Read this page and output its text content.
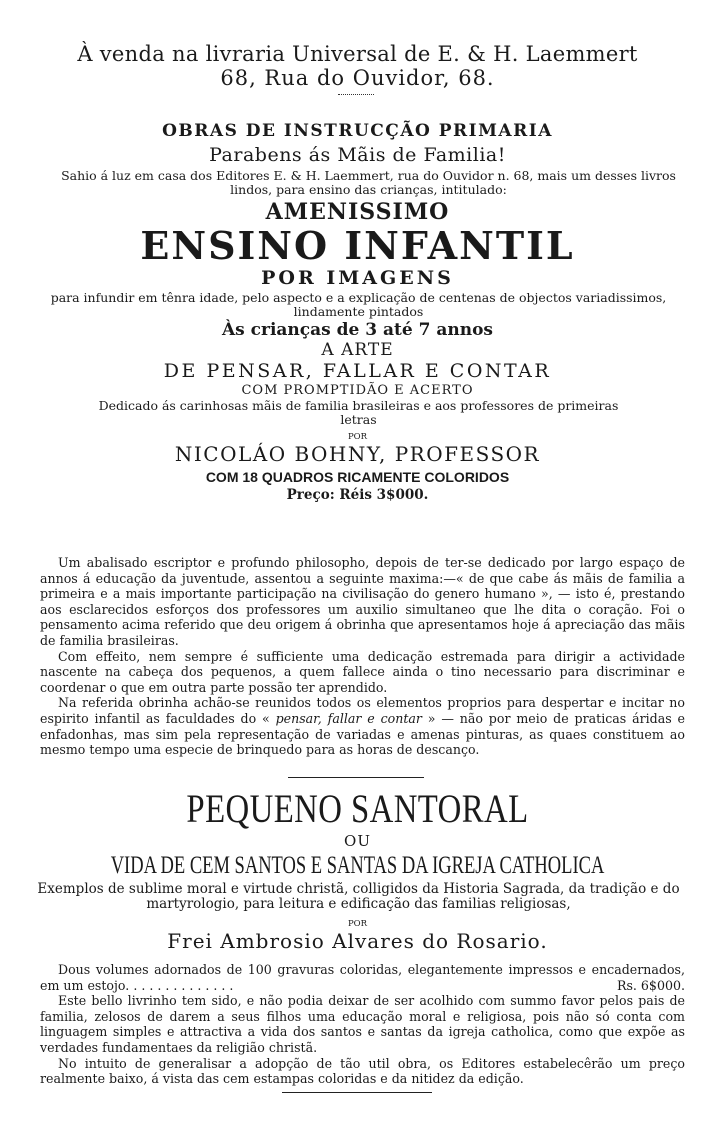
À venda na livraria Universal de E. & H. Laemmert

68, Rua do Ouvidor, 68.

OBRAS DE INSTRUCÇÃO PRIMARIA

Parabens ás Mãis de Familia!

Sahio á luz em casa dos Editores E. & H. Laemmert, rua do Ouvidor n. 68, mais um desses livros lindos, para ensino das crianças, intitulado:

AMENISSIMO

ENSINO INFANTIL

POR IMAGENS

para infundir em tênra idade, pelo aspecto e a explicação de centenas de objectos variadissimos, lindamente pintados

Às crianças de 3 até 7 annos

A ARTE

DE PENSAR, FALLAR E CONTAR

COM PROMPTIDÃO E ACERTO

Dedicado ás carinhosas mãis de familia brasileiras e aos professores de primeiras letras

POR

NICOLÁO BOHNY, PROFESSOR

COM 18 QUADROS RICAMENTE COLORIDOS

Preço: Réis 3$000.

Um abalisado escriptor e profundo philosopho, depois de ter-se dedicado por largo espaço de annos á educação da juventude, assentou a seguinte maxima:—« de que cabe ás mãis de familia a primeira e a mais importante participação na civilisação do genero humano », — isto é, prestando aos esclarecidos esforços dos professores um auxilio simultaneo que lhe dita o coração. Foi o pensamento acima referido que deu origem á obrinha que apresentamos hoje á apreciação das mãis de familia brasileiras.

Com effeito, nem sempre é sufficiente uma dedicação estremada para dirigir a actividade nascente na cabeça dos pequenos, a quem fallece ainda o tino necessario para discriminar e coordenar o que em outra parte possão ter aprendido.

Na referida obrinha achão-se reunidos todos os elementos proprios para despertar e incitar no espirito infantil as faculdades do « pensar, fallar e contar » — não por meio de praticas áridas e enfadonhas, mas sim pela representação de variadas e amenas pinturas, as quaes constituem ao mesmo tempo uma especie de brinquedo para as horas de descanço.

PEQUENO SANTORAL

OU

VIDA DE CEM SANTOS E SANTAS DA IGREJA CATHOLICA

Exemplos de sublime moral e virtude christã, colligidos da Historia Sagrada, da tradição e do martyrologio, para leitura e edificação das familias religiosas,

POR

Frei Ambrosio Alvares do Rosario.

Dous volumes adornados de 100 gravuras coloridas, elegantemente impressos e encadernados, em um estojo. . . . . . . . . . . . . .	Rs. 6$000.

Este bello livrinho tem sido, e não podia deixar de ser acolhido com summo favor pelos pais de familia, zelosos de darem a seus filhos uma educação moral e religiosa, pois não só conta com linguagem simples e attractiva a vida dos santos e santas da igreja catholica, como que expõe as verdades fundamentaes da religião christã.

No intuito de generalisar a adopção de tão util obra, os Editores estabelecêrão um preço realmente baixo, á vista das cem estampas coloridas e da nitidez da edição.
